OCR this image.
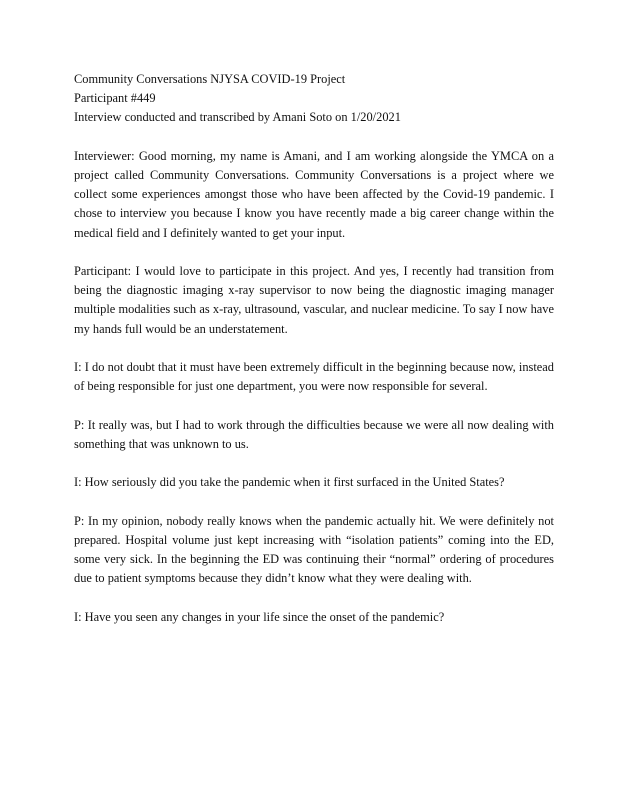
Community Conversations NJYSA COVID-19 Project
Participant #449
Interview conducted and transcribed by Amani Soto on 1/20/2021

Interviewer: Good morning, my name is Amani, and I am working alongside the YMCA on a project called Community Conversations. Community Conversations is a project where we collect some experiences amongst those who have been affected by the Covid-19 pandemic. I chose to interview you because I know you have recently made a big career change within the medical field and I definitely wanted to get your input.

Participant: I would love to participate in this project. And yes, I recently had transition from being the diagnostic imaging x-ray supervisor to now being the diagnostic imaging manager multiple modalities such as x-ray, ultrasound, vascular, and nuclear medicine. To say I now have my hands full would be an understatement.

I: I do not doubt that it must have been extremely difficult in the beginning because now, instead of being responsible for just one department, you were now responsible for several.

P: It really was, but I had to work through the difficulties because we were all now dealing with something that was unknown to us.

I: How seriously did you take the pandemic when it first surfaced in the United States?

P: In my opinion, nobody really knows when the pandemic actually hit. We were definitely not prepared. Hospital volume just kept increasing with “isolation patients” coming into the ED, some very sick. In the beginning the ED was continuing their “normal” ordering of procedures due to patient symptoms because they didn’t know what they were dealing with.

I: Have you seen any changes in your life since the onset of the pandemic?
